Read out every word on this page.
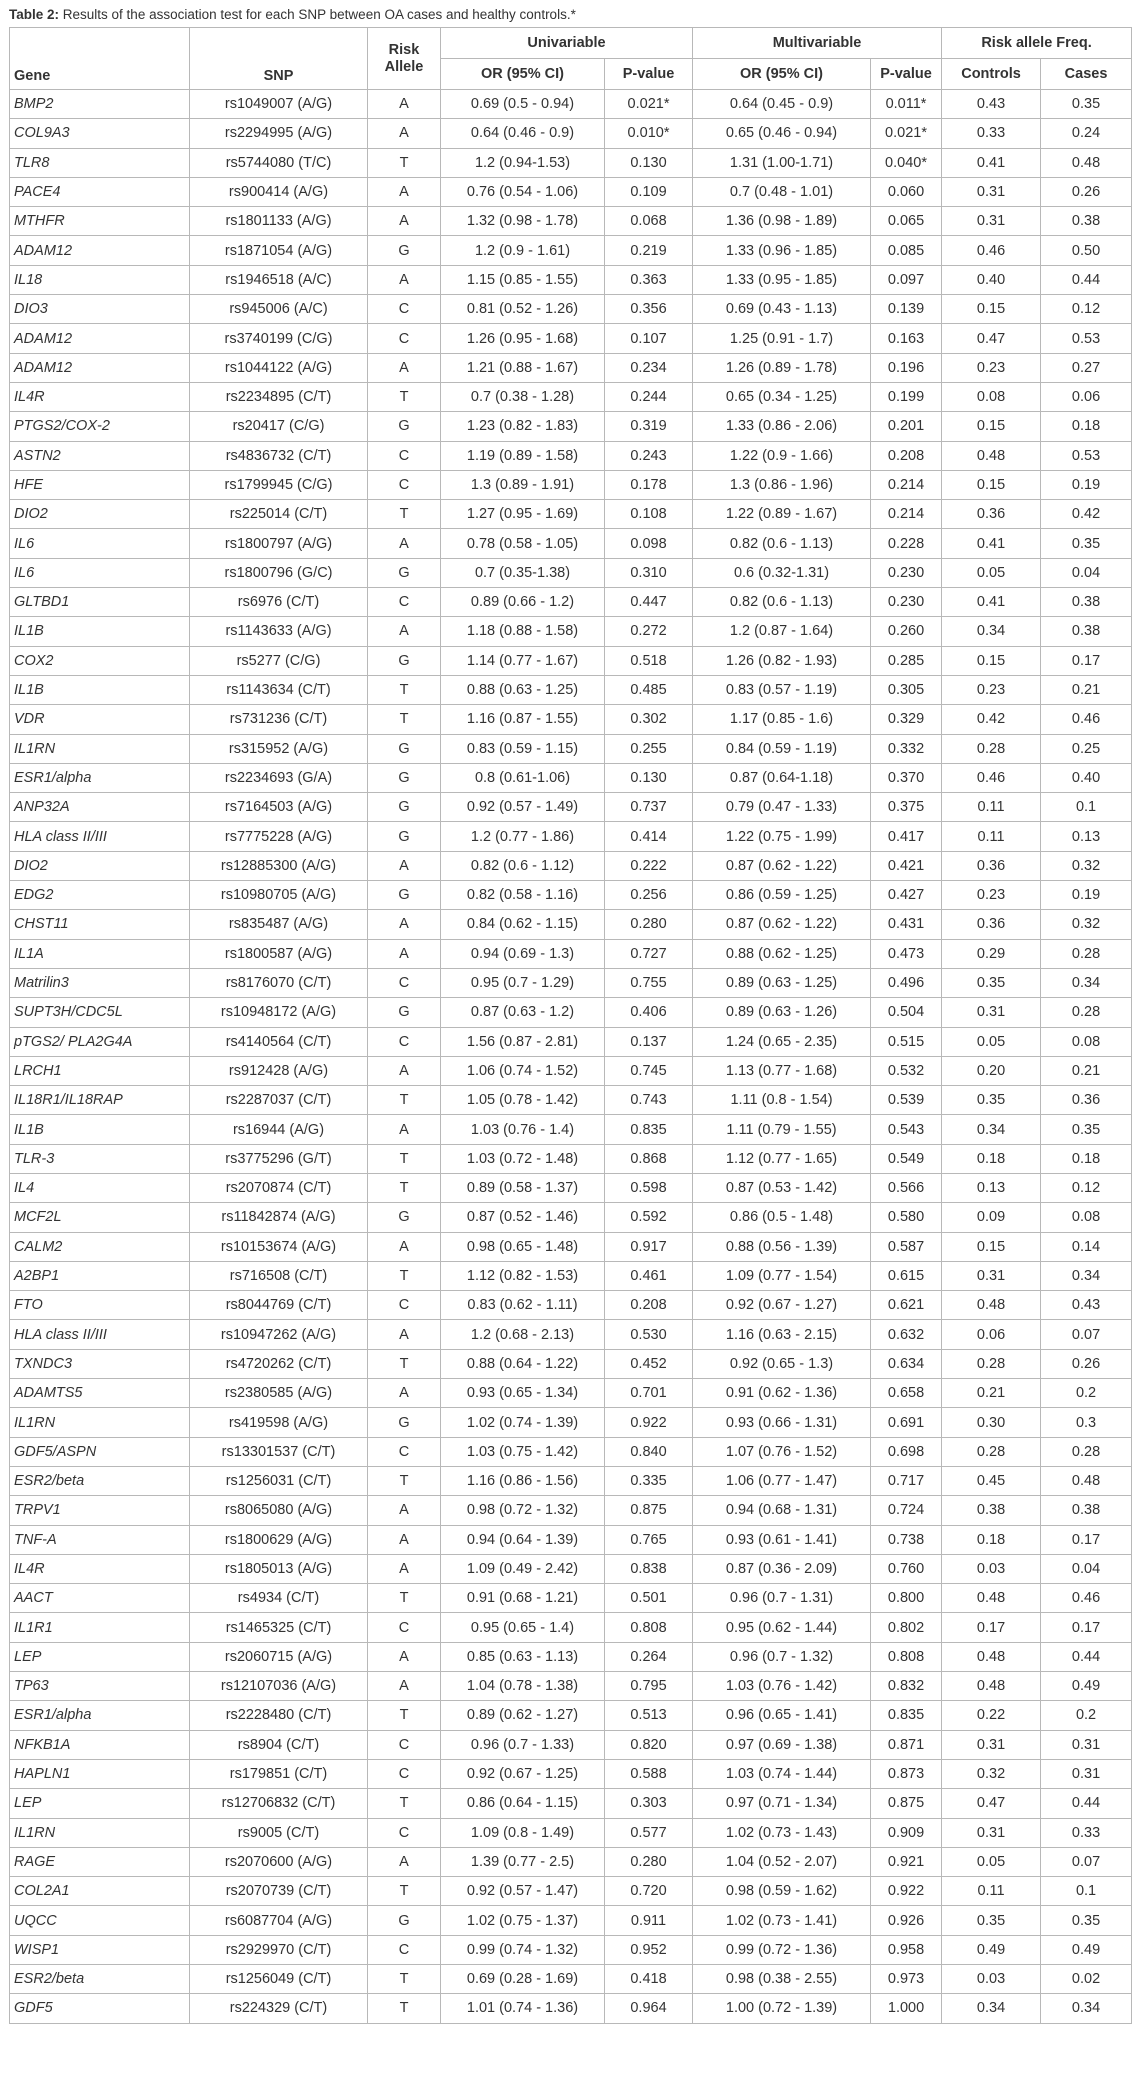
Table 2: Results of the association test for each SNP between OA cases and healthy controls.*
Gene	SNP	Risk Allele	Univariable		Multivariable		Risk allele Freq.	
			OR (95% CI)	P-value	OR (95% CI)	P-value	Controls	Cases
BMP2	rs1049007 (A/G)	A	0.69 (0.5 - 0.94)	0.021*	0.64 (0.45 - 0.9)	0.011*	0.43	0.35
COL9A3	rs2294995 (A/G)	A	0.64 (0.46 - 0.9)	0.010*	0.65 (0.46 - 0.94)	0.021*	0.33	0.24
TLR8	rs5744080 (T/C)	T	1.2 (0.94-1.53)	0.130	1.31 (1.00-1.71)	0.040*	0.41	0.48
PACE4	rs900414 (A/G)	A	0.76 (0.54 - 1.06)	0.109	0.7 (0.48 - 1.01)	0.060	0.31	0.26
MTHFR	rs1801133 (A/G)	A	1.32 (0.98 - 1.78)	0.068	1.36 (0.98 - 1.89)	0.065	0.31	0.38
ADAM12	rs1871054 (A/G)	G	1.2 (0.9 - 1.61)	0.219	1.33 (0.96 - 1.85)	0.085	0.46	0.50
IL18	rs1946518 (A/C)	A	1.15 (0.85 - 1.55)	0.363	1.33 (0.95 - 1.85)	0.097	0.40	0.44
DIO3	rs945006 (A/C)	C	0.81 (0.52 - 1.26)	0.356	0.69 (0.43 - 1.13)	0.139	0.15	0.12
ADAM12	rs3740199 (C/G)	C	1.26 (0.95 - 1.68)	0.107	1.25 (0.91 - 1.7)	0.163	0.47	0.53
ADAM12	rs1044122 (A/G)	A	1.21 (0.88 - 1.67)	0.234	1.26 (0.89 - 1.78)	0.196	0.23	0.27
IL4R	rs2234895 (C/T)	T	0.7 (0.38 - 1.28)	0.244	0.65 (0.34 - 1.25)	0.199	0.08	0.06
PTGS2/COX-2	rs20417 (C/G)	G	1.23 (0.82 - 1.83)	0.319	1.33 (0.86 - 2.06)	0.201	0.15	0.18
ASTN2	rs4836732 (C/T)	C	1.19 (0.89 - 1.58)	0.243	1.22 (0.9 - 1.66)	0.208	0.48	0.53
HFE	rs1799945 (C/G)	C	1.3 (0.89 - 1.91)	0.178	1.3 (0.86 - 1.96)	0.214	0.15	0.19
DIO2	rs225014 (C/T)	T	1.27 (0.95 - 1.69)	0.108	1.22 (0.89 - 1.67)	0.214	0.36	0.42
IL6	rs1800797 (A/G)	A	0.78 (0.58 - 1.05)	0.098	0.82 (0.6 - 1.13)	0.228	0.41	0.35
IL6	rs1800796 (G/C)	G	0.7 (0.35-1.38)	0.310	0.6 (0.32-1.31)	0.230	0.05	0.04
GLTBD1	rs6976 (C/T)	C	0.89 (0.66 - 1.2)	0.447	0.82 (0.6 - 1.13)	0.230	0.41	0.38
IL1B	rs1143633 (A/G)	A	1.18 (0.88 - 1.58)	0.272	1.2 (0.87 - 1.64)	0.260	0.34	0.38
COX2	rs5277 (C/G)	G	1.14 (0.77 - 1.67)	0.518	1.26 (0.82 - 1.93)	0.285	0.15	0.17
IL1B	rs1143634 (C/T)	T	0.88 (0.63 - 1.25)	0.485	0.83 (0.57 - 1.19)	0.305	0.23	0.21
VDR	rs731236 (C/T)	T	1.16 (0.87 - 1.55)	0.302	1.17 (0.85 - 1.6)	0.329	0.42	0.46
IL1RN	rs315952 (A/G)	G	0.83 (0.59 - 1.15)	0.255	0.84 (0.59 - 1.19)	0.332	0.28	0.25
ESR1/alpha	rs2234693 (G/A)	G	0.8 (0.61-1.06)	0.130	0.87 (0.64-1.18)	0.370	0.46	0.40
ANP32A	rs7164503 (A/G)	G	0.92 (0.57 - 1.49)	0.737	0.79 (0.47 - 1.33)	0.375	0.11	0.1
HLA class II/III	rs7775228 (A/G)	G	1.2 (0.77 - 1.86)	0.414	1.22 (0.75 - 1.99)	0.417	0.11	0.13
DIO2	rs12885300 (A/G)	A	0.82 (0.6 - 1.12)	0.222	0.87 (0.62 - 1.22)	0.421	0.36	0.32
EDG2	rs10980705 (A/G)	G	0.82 (0.58 - 1.16)	0.256	0.86 (0.59 - 1.25)	0.427	0.23	0.19
CHST11	rs835487 (A/G)	A	0.84 (0.62 - 1.15)	0.280	0.87 (0.62 - 1.22)	0.431	0.36	0.32
IL1A	rs1800587 (A/G)	A	0.94 (0.69 - 1.3)	0.727	0.88 (0.62 - 1.25)	0.473	0.29	0.28
Matrilin3	rs8176070 (C/T)	C	0.95 (0.7 - 1.29)	0.755	0.89 (0.63 - 1.25)	0.496	0.35	0.34
SUPT3H/CDC5L	rs10948172 (A/G)	G	0.87 (0.63 - 1.2)	0.406	0.89 (0.63 - 1.26)	0.504	0.31	0.28
pTGS2/ PLA2G4A	rs4140564 (C/T)	C	1.56 (0.87 - 2.81)	0.137	1.24 (0.65 - 2.35)	0.515	0.05	0.08
LRCH1	rs912428 (A/G)	A	1.06 (0.74 - 1.52)	0.745	1.13 (0.77 - 1.68)	0.532	0.20	0.21
IL18R1/IL18RAP	rs2287037 (C/T)	T	1.05 (0.78 - 1.42)	0.743	1.11 (0.8 - 1.54)	0.539	0.35	0.36
IL1B	rs16944 (A/G)	A	1.03 (0.76 - 1.4)	0.835	1.11 (0.79 - 1.55)	0.543	0.34	0.35
TLR-3	rs3775296 (G/T)	T	1.03 (0.72 - 1.48)	0.868	1.12 (0.77 - 1.65)	0.549	0.18	0.18
IL4	rs2070874 (C/T)	T	0.89 (0.58 - 1.37)	0.598	0.87 (0.53 - 1.42)	0.566	0.13	0.12
MCF2L	rs11842874 (A/G)	G	0.87 (0.52 - 1.46)	0.592	0.86 (0.5 - 1.48)	0.580	0.09	0.08
CALM2	rs10153674 (A/G)	A	0.98 (0.65 - 1.48)	0.917	0.88 (0.56 - 1.39)	0.587	0.15	0.14
A2BP1	rs716508 (C/T)	T	1.12 (0.82 - 1.53)	0.461	1.09 (0.77 - 1.54)	0.615	0.31	0.34
FTO	rs8044769 (C/T)	C	0.83 (0.62 - 1.11)	0.208	0.92 (0.67 - 1.27)	0.621	0.48	0.43
HLA class II/III	rs10947262 (A/G)	A	1.2 (0.68 - 2.13)	0.530	1.16 (0.63 - 2.15)	0.632	0.06	0.07
TXNDC3	rs4720262 (C/T)	T	0.88 (0.64 - 1.22)	0.452	0.92 (0.65 - 1.3)	0.634	0.28	0.26
ADAMTS5	rs2380585 (A/G)	A	0.93 (0.65 - 1.34)	0.701	0.91 (0.62 - 1.36)	0.658	0.21	0.2
IL1RN	rs419598 (A/G)	G	1.02 (0.74 - 1.39)	0.922	0.93 (0.66 - 1.31)	0.691	0.30	0.3
GDF5/ASPN	rs13301537 (C/T)	C	1.03 (0.75 - 1.42)	0.840	1.07 (0.76 - 1.52)	0.698	0.28	0.28
ESR2/beta	rs1256031 (C/T)	T	1.16 (0.86 - 1.56)	0.335	1.06 (0.77 - 1.47)	0.717	0.45	0.48
TRPV1	rs8065080 (A/G)	A	0.98 (0.72 - 1.32)	0.875	0.94 (0.68 - 1.31)	0.724	0.38	0.38
TNF-A	rs1800629 (A/G)	A	0.94 (0.64 - 1.39)	0.765	0.93 (0.61 - 1.41)	0.738	0.18	0.17
IL4R	rs1805013 (A/G)	A	1.09 (0.49 - 2.42)	0.838	0.87 (0.36 - 2.09)	0.760	0.03	0.04
AACT	rs4934 (C/T)	T	0.91 (0.68 - 1.21)	0.501	0.96 (0.7 - 1.31)	0.800	0.48	0.46
IL1R1	rs1465325 (C/T)	C	0.95 (0.65 - 1.4)	0.808	0.95 (0.62 - 1.44)	0.802	0.17	0.17
LEP	rs2060715 (A/G)	A	0.85 (0.63 - 1.13)	0.264	0.96 (0.7 - 1.32)	0.808	0.48	0.44
TP63	rs12107036 (A/G)	A	1.04 (0.78 - 1.38)	0.795	1.03 (0.76 - 1.42)	0.832	0.48	0.49
ESR1/alpha	rs2228480 (C/T)	T	0.89 (0.62 - 1.27)	0.513	0.96 (0.65 - 1.41)	0.835	0.22	0.2
NFKB1A	rs8904 (C/T)	C	0.96 (0.7 - 1.33)	0.820	0.97 (0.69 - 1.38)	0.871	0.31	0.31
HAPLN1	rs179851 (C/T)	C	0.92 (0.67 - 1.25)	0.588	1.03 (0.74 - 1.44)	0.873	0.32	0.31
LEP	rs12706832 (C/T)	T	0.86 (0.64 - 1.15)	0.303	0.97 (0.71 - 1.34)	0.875	0.47	0.44
IL1RN	rs9005 (C/T)	C	1.09 (0.8 - 1.49)	0.577	1.02 (0.73 - 1.43)	0.909	0.31	0.33
RAGE	rs2070600 (A/G)	A	1.39 (0.77 - 2.5)	0.280	1.04 (0.52 - 2.07)	0.921	0.05	0.07
COL2A1	rs2070739 (C/T)	T	0.92 (0.57 - 1.47)	0.720	0.98 (0.59 - 1.62)	0.922	0.11	0.1
UQCC	rs6087704 (A/G)	G	1.02 (0.75 - 1.37)	0.911	1.02 (0.73 - 1.41)	0.926	0.35	0.35
WISP1	rs2929970 (C/T)	C	0.99 (0.74 - 1.32)	0.952	0.99 (0.72 - 1.36)	0.958	0.49	0.49
ESR2/beta	rs1256049 (C/T)	T	0.69 (0.28 - 1.69)	0.418	0.98 (0.38 - 2.55)	0.973	0.03	0.02
GDF5	rs224329 (C/T)	T	1.01 (0.74 - 1.36)	0.964	1.00 (0.72 - 1.39)	1.000	0.34	0.34
